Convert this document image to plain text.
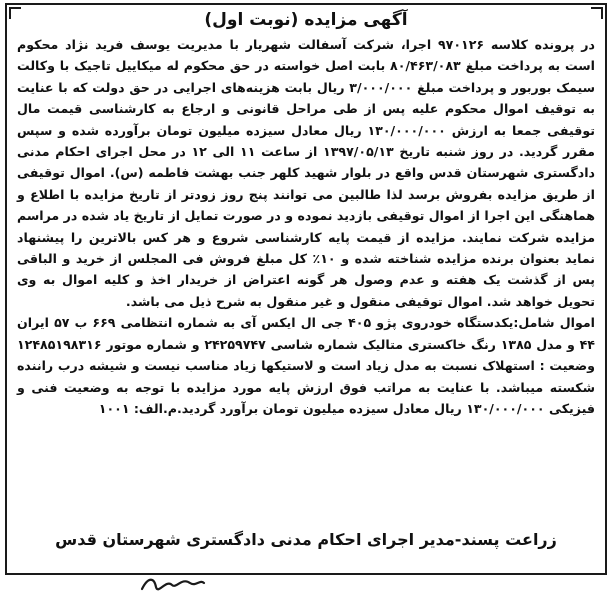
آگهی مزایده (نوبت اول)

در پرونده کلاسه ۹۷۰۱۲۶ اجرا، شرکت آسفالت شهریار با مدیریت یوسف فرید نژاد محکوم است به پرداخت مبلغ ۸۰/۴۶۳/۰۸۳ بابت اصل خواسته در حق محکوم له میکاییل تاجیک با وکالت سیمک بوربور و پرداخت مبلغ ۳/۰۰۰/۰۰۰ ریال بابت هزینه‌های اجرایی در حق دولت که با عنایت به توقیف اموال محکوم علیه پس از طی مراحل قانونی و ارجاع به کارشناسی قیمت مال توقیفی جمعا به ارزش ۱۳۰/۰۰۰/۰۰۰ ریال معادل سیزده میلیون تومان برآورده شده و سپس مقرر گردید. در روز شنبه تاریخ ۱۳۹۷/۰۵/۱۳ از ساعت ۱۱ الی ۱۲ در محل اجرای احکام مدنی دادگستری شهرستان قدس واقع در بلوار شهید کلهر جنب بهشت فاطمه (س). اموال توقیفی از طریق مزایده بفروش برسد لذا طالبین می توانند پنج روز زودتر از تاریخ مزایده با اطلاع و هماهنگی این اجرا از اموال توقیفی بازدید نموده و در صورت تمایل از تاریخ یاد شده در مراسم مزایده شرکت نمایند. مزایده از قیمت پایه کارشناسی شروع و هر کس بالاترین را پیشنهاد نماید بعنوان برنده مزایده شناخته شده و ۱۰٪ کل مبلغ فروش فی المجلس از خرید و الباقی پس از گذشت یک هفته و عدم وصول هر گونه اعتراض از خریدار اخذ و کلیه اموال به وی تحویل خواهد شد. اموال توقیفی منقول و غیر منقول به شرح ذیل می باشد.

اموال شامل:یکدستگاه خودروی پژو ۴۰۵ جی ال ایکس آی به شماره انتظامی ۶۶۹ ب ۵۷ ایران ۴۴ و مدل ۱۳۸۵ رنگ خاکستری متالیک شماره شاسی ۲۴۲۵۹۷۴۷ و شماره موتور ۱۲۴۸۵۱۹۸۳۱۶ وضعیت : استهلاک نسبت به مدل زیاد است و لاستیکها زیاد مناسب نیست و شیشه درب راننده شکسته میباشد. با عنایت به مراتب فوق ارزش پایه مورد مزایده با توجه به وضعیت فنی و فیزیکی ۱۳۰/۰۰۰/۰۰۰ ریال معادل سیزده میلیون تومان برآورد گردید.م.الف: ۱۰۰۱

زراعت پسند-مدیر اجرای احکام مدنی دادگستری شهرستان قدس
